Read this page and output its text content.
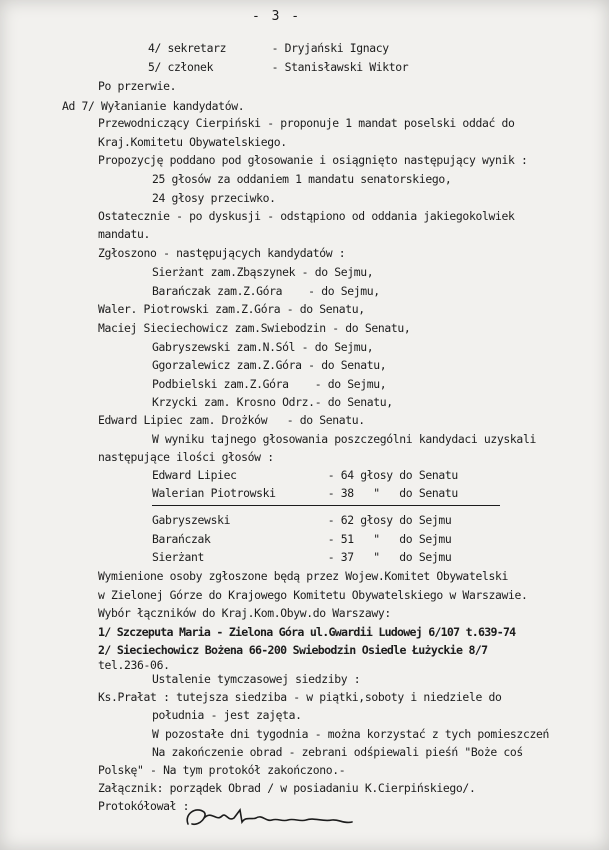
- 3 -
4/ sekretarz       - Dryjański Ignacy
5/ członek         - Stanisławski Wiktor
Po przerwie.
Ad 7/ Wyłanianie kandydatów.
Przewodniczący Cierpiński - proponuje 1 mandat poselski oddać do
Kraj.Komitetu Obywatelskiego.
Propozycję poddano pod głosowanie i osiągnięto następujący wynik :
25 głosów za oddaniem 1 mandatu senatorskiego,
24 głosy przeciwko.
Ostatecznie - po dyskusji - odstąpiono od oddania jakiegokolwiek
mandatu.
Zgłoszono - następujących kandydatów :
Sierżant zam.Zbąszynek - do Sejmu,
Barańczak zam.Z.Góra    - do Sejmu,
Waler. Piotrowski zam.Z.Góra - do Senatu,
Maciej Sieciechowicz zam.Swiebodzin - do Senatu,
Gabryszewski zam.N.Sól - do Sejmu,
Ggorzalewicz zam.Z.Góra - do Senatu,
Podbielski zam.Z.Góra    - do Sejmu,
Krzycki zam. Krosno Odrz.- do Senatu,
Edward Lipiec zam. Drożków   - do Senatu.
W wyniku tajnego głosowania poszczególni kandydaci uzyskali
następujące ilości głosów :
Edward Lipiec              - 64 głosy do Senatu
Walerian Piotrowski        - 38   "   do Senatu
Gabryszewski               - 62 głosy do Sejmu
Barańczak                  - 51   "   do Sejmu
Sierżant                   - 37   "   do Sejmu
Wymienione osoby zgłoszone będą przez Wojew.Komitet Obywatelski
w Zielonej Górze do Krajowego Komitetu Obywatelskiego w Warszawie.
Wybór łączników do Kraj.Kom.Obyw.do Warszawy:
1/ Szczeputa Maria - Zielona Góra ul.Gwardii Ludowej 6/107 t.639-74
2/ Sieciechowicz Bożena 66-200 Swiebodzin Osiedle Łużyckie 8/7
tel.236-06.
Ustalenie tymczasowej siedziby :
Ks.Prałat : tutejsza siedziba - w piątki,soboty i niedziele do
południa - jest zajęta.
W pozostałe dni tygodnia - można korzystać z tych pomieszczeń
Na zakończenie obrad - zebrani odśpiewali pieśń "Boże coś
Polskę" - Na tym protokół zakończono.-
Załącznik: porządek Obrad / w posiadaniu K.Cierpińskiego/.
Protokółował :
